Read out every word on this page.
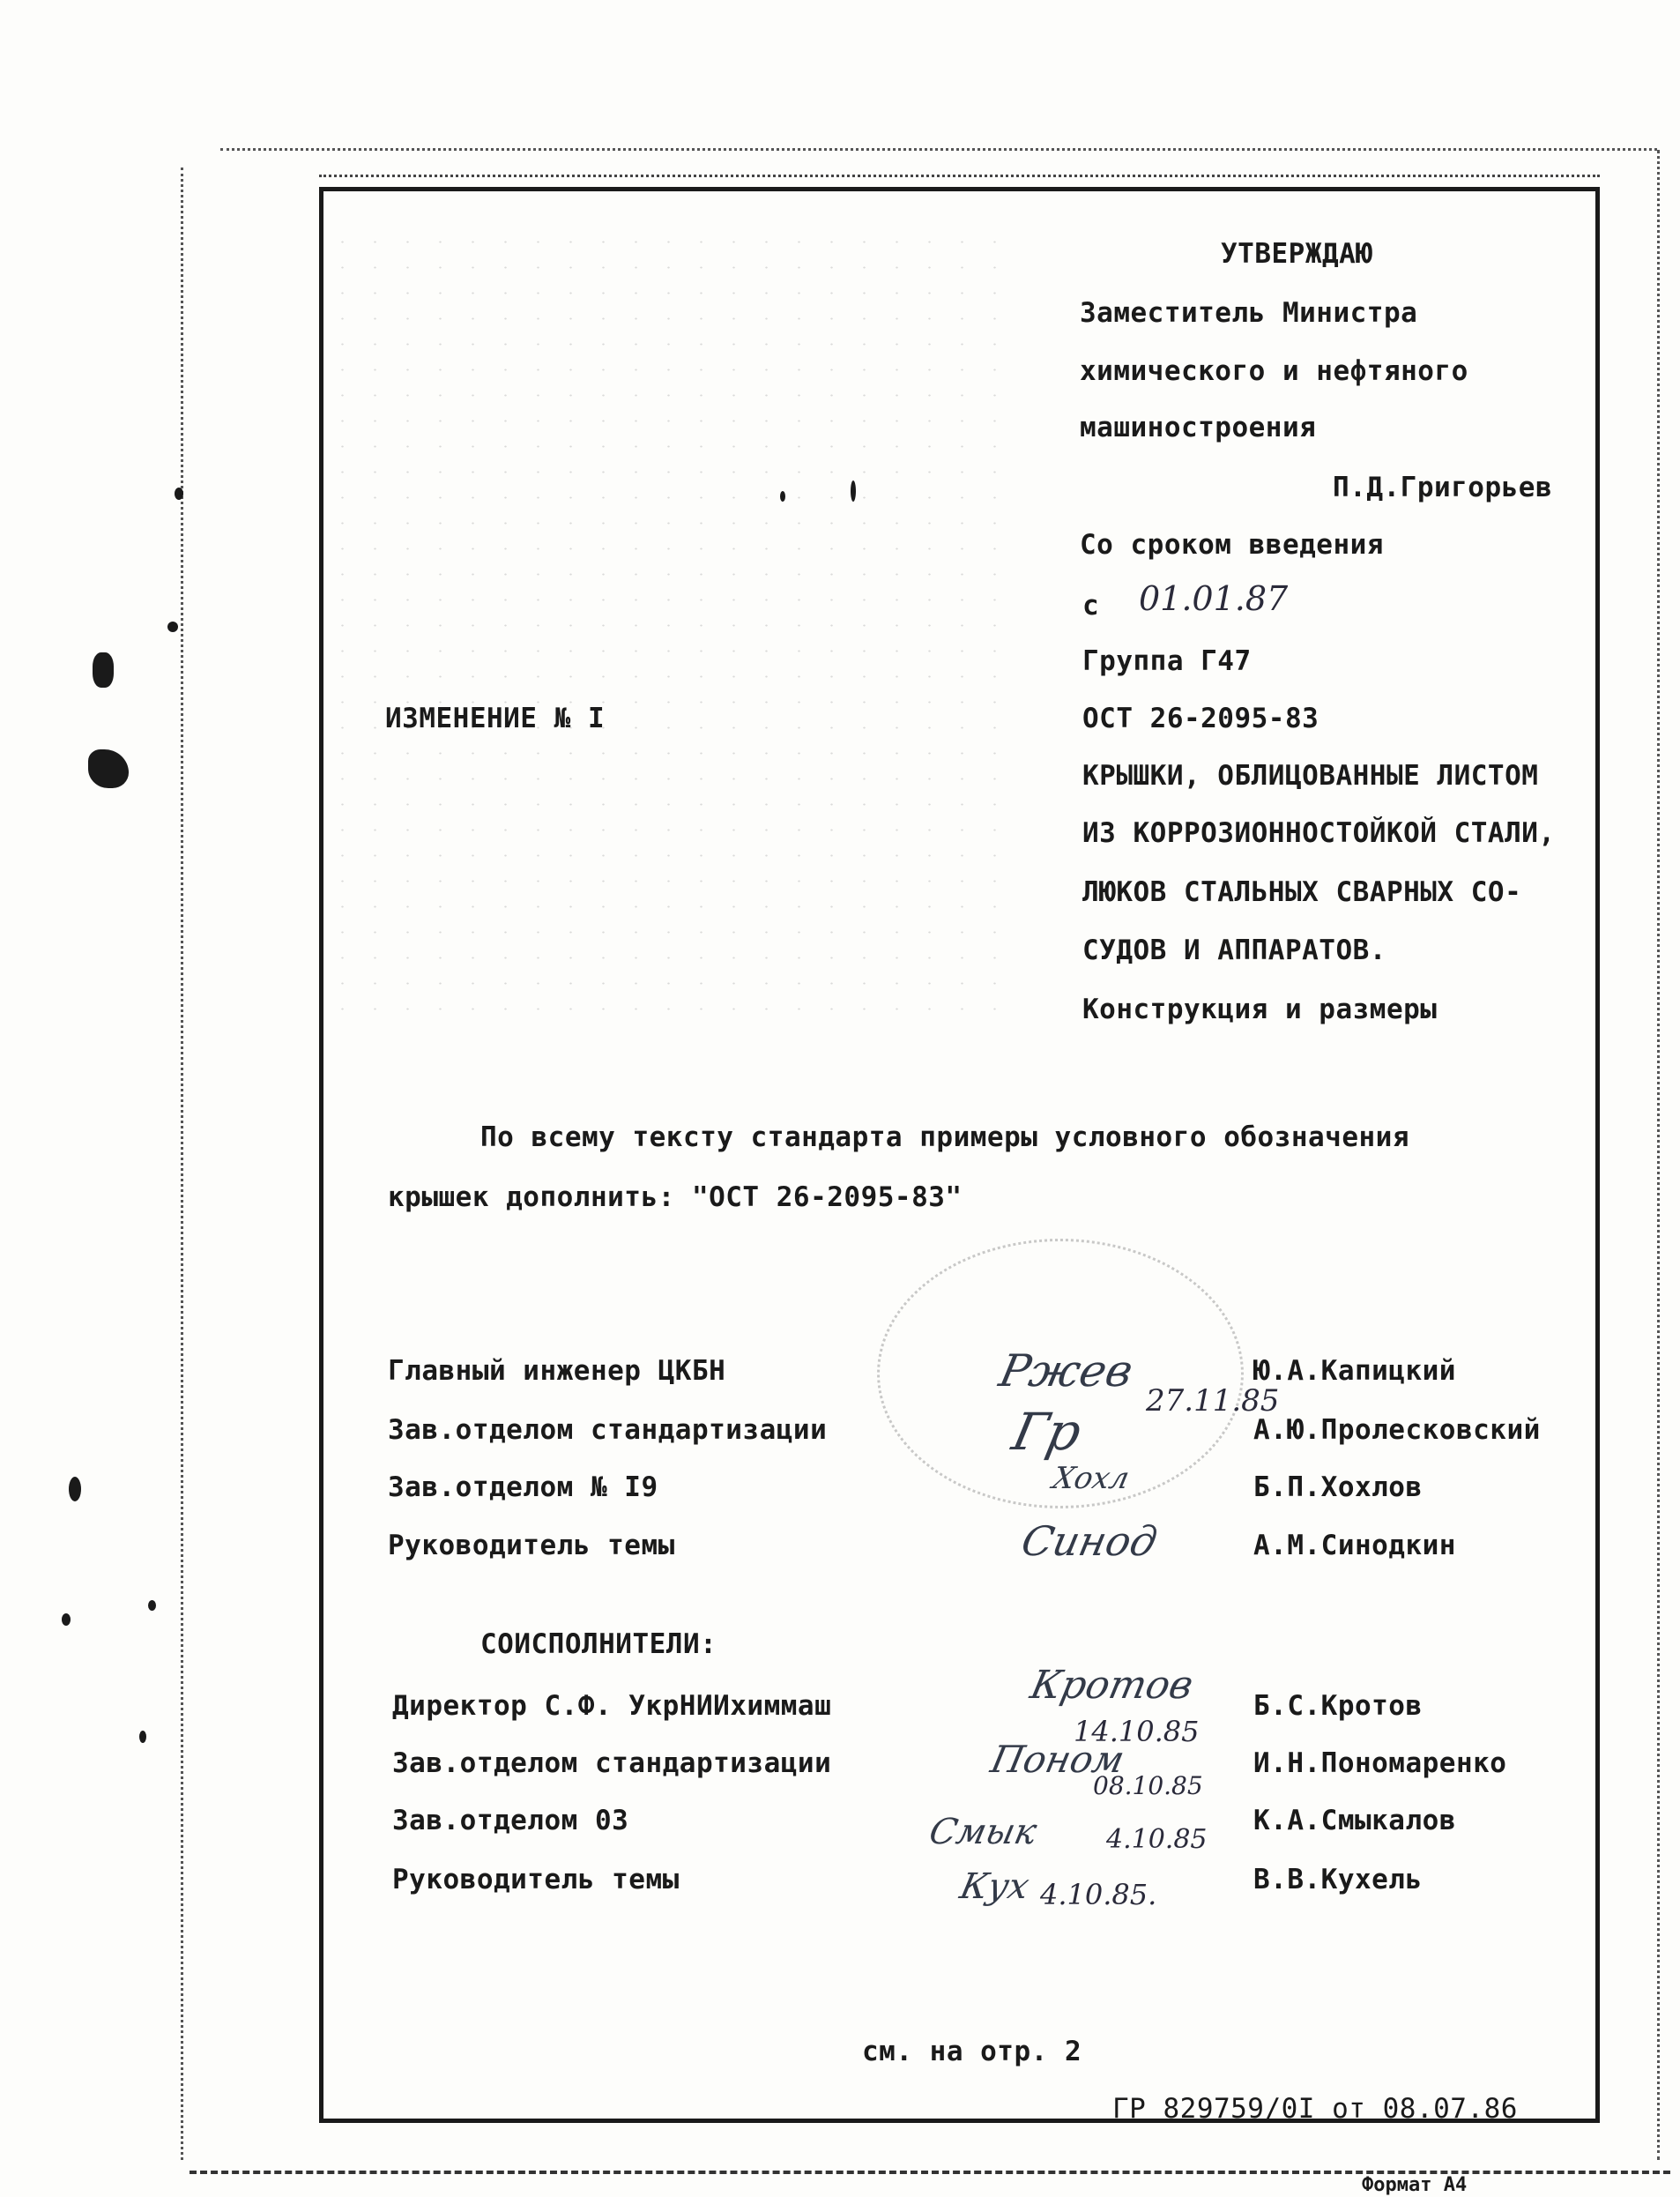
УТВЕРЖДАЮ
Заместитель Министра
химического и нефтяного
машиностроения
П.Д.Григорьев
Со сроком введения
с 01.01.87
Группа Г47
ИЗМЕНЕНИЕ № I	ОСТ 26-2095-83
КРЫШКИ, ОБЛИЦОВАННЫЕ ЛИСТОМ
ИЗ КОРРОЗИОННОСТОЙКОЙ СТАЛИ,
ЛЮКОВ СТАЛЬНЫХ СВАРНЫХ СО-
СУДОВ И АППАРАТОВ.
Конструкция и размеры
По всему тексту стандарта примеры условного обозначения
крышек дополнить: "ОСТ 26-2095-83"
Главный инженер ЦКБН
Зав.отделом стандартизации
Зав.отделом № I9
Руководитель темы
Ржев
27.11.85
Гр
Хохл
Синод
Ю.А.Капицкий
А.Ю.Пролесковский
Б.П.Хохлов
А.М.Синодкин
СОИСПОЛНИТЕЛИ:
Директор С.Ф. УкрНИИхиммаш
Зав.отделом стандартизации
Зав.отделом 03
Руководитель темы
Кротов
14.10.85
Поном
08.10.85
Смык 4.10.85
Кух 4.10.85.
Б.С.Кротов
И.Н.Пономаренко
К.А.Смыкалов
В.В.Кухель
см. на отр. 2
ГР 829759/0I от 08.07.86
Формат А4
